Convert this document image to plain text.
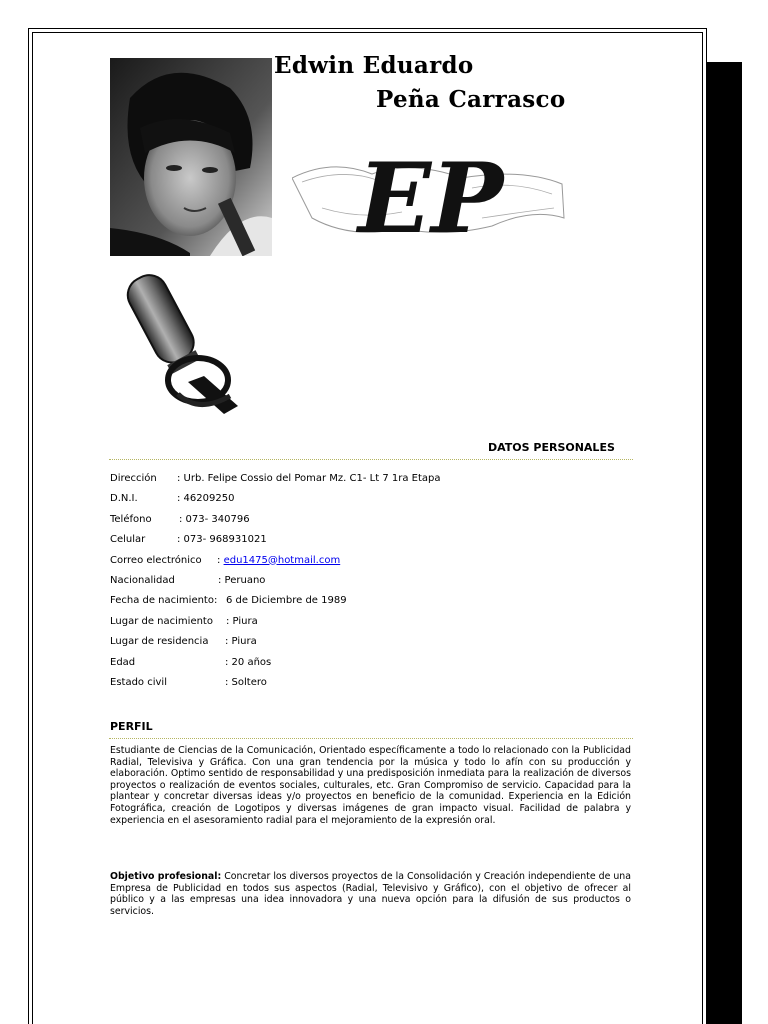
Edwin Eduardo
Peña Carrasco
EP
DATOS PERSONALES
Dirección : Urb. Felipe Cossio del Pomar Mz. C1- Lt 7 1ra Etapa
D.N.I.	: 46209250
Teléfono	: 073- 340796
Celular	: 073- 968931021
Correo electrónico : edu1475@hotmail.com
Nacionalidad	: Peruano
Fecha de nacimiento: 6 de Diciembre de 1989
Lugar de nacimiento : Piura
Lugar de residencia : Piura
Edad	: 20 años
Estado civil	: Soltero
PERFIL
Estudiante de Ciencias de la Comunicación, Orientado específicamente a todo lo relacionado con la Publicidad Radial, Televisiva y Gráfica. Con una gran tendencia por la música y todo lo afín con su producción y elaboración. Optimo sentido de responsabilidad y una predisposición inmediata para la realización de diversos proyectos o realización de eventos sociales, culturales, etc. Gran Compromiso de servicio. Capacidad para la plantear y concretar diversas ideas y/o proyectos en beneficio de la comunidad. Experiencia en la Edición Fotográfica, creación de Logotipos y diversas imágenes de gran impacto visual. Facilidad de palabra y experiencia en el asesoramiento radial para el mejoramiento de la expresión oral.
Objetivo profesional: Concretar los diversos proyectos de la Consolidación y Creación independiente de una Empresa de Publicidad en todos sus aspectos (Radial, Televisivo y Gráfico), con el objetivo de ofrecer al público y a las empresas una idea innovadora y una nueva opción para la difusión de sus productos o servicios.
